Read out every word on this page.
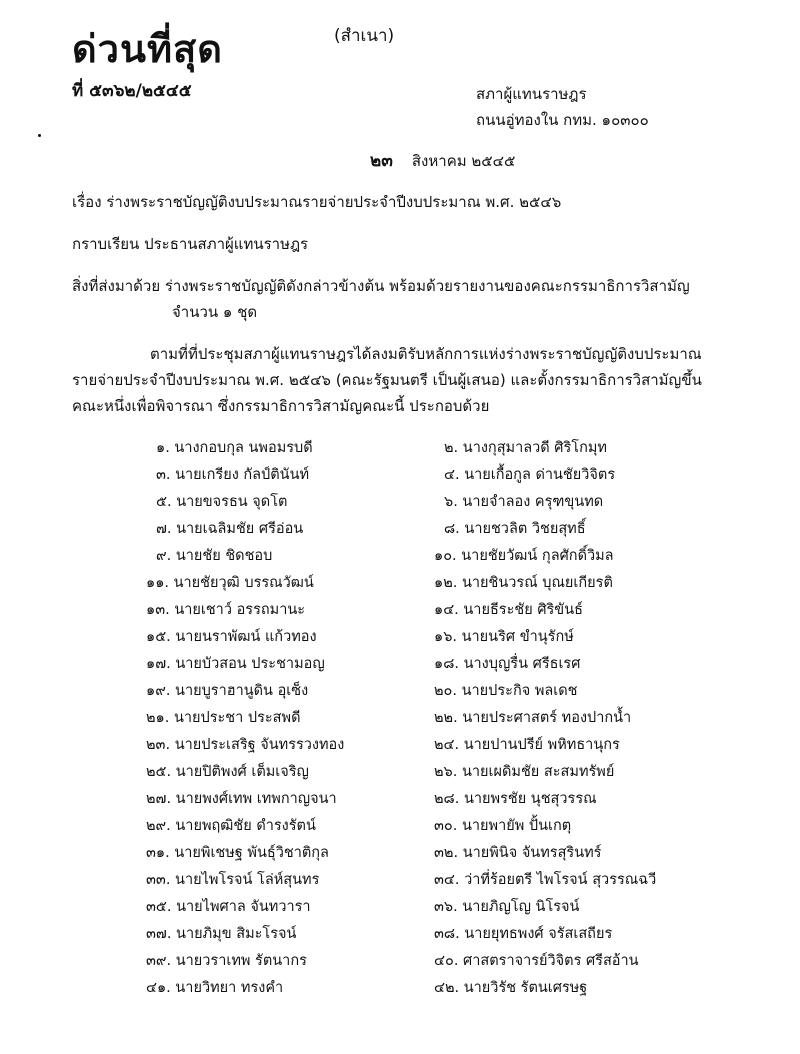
ด่วนที่สุด	(สำเนา)
ที่ ๕๓๖๒/๒๕๔๕	สภาผู้แทนราษฎร
ถนนอู่ทองใน กทม. ๑๐๓๐๐
๒๓ สิงหาคม ๒๕๔๕
เรื่อง ร่างพระราชบัญญัติงบประมาณรายจ่ายประจำปีงบประมาณ พ.ศ. ๒๕๔๖
กราบเรียน ประธานสภาผู้แทนราษฎร
สิ่งที่ส่งมาด้วย ร่างพระราชบัญญัติดังกล่าวข้างต้น พร้อมด้วยรายงานของคณะกรรมาธิการวิสามัญ
จำนวน ๑ ชุด
ตามที่ที่ประชุมสภาผู้แทนราษฎรได้ลงมติรับหลักการแห่งร่างพระราชบัญญัติงบประมาณ
รายจ่ายประจำปีงบประมาณ พ.ศ. ๒๕๔๖ (คณะรัฐมนตรี เป็นผู้เสนอ) และตั้งกรรมาธิการวิสามัญขึ้น
คณะหนึ่งเพื่อพิจารณา ซึ่งกรรมาธิการวิสามัญคณะนี้ ประกอบด้วย
๑. นางกอบกุล นพอมรบดี
๓. นายเกรียง กัลป์ตินันท์
๕. นายขจรธน จุดโต
๗. นายเฉลิมชัย ศรีอ่อน
๙. นายชัย ชิดชอบ
๑๑. นายชัยวุฒิ บรรณวัฒน์
๑๓. นายเชาว์ อรรถมานะ
๑๕. นายนราพัฒน์ แก้วทอง
๑๗. นายบัวสอน ประชามอญ
๑๙. นายบูราฮานูดิน อุเซ็ง
๒๑. นายประชา ประสพดี
๒๓. นายประเสริฐ จันทรรวงทอง
๒๕. นายปิติพงศ์ เต็มเจริญ
๒๗. นายพงศ์เทพ เทพกาญจนา
๒๙. นายพฤฒิชัย ดำรงรัตน์
๓๑. นายพิเชษฐ พันธุ์วิชาติกุล
๓๓. นายไพโรจน์ โล่ห์สุนทร
๓๕. นายไพศาล จันทวารา
๓๗. นายภิมุข สิมะโรจน์
๓๙. นายวราเทพ รัตนากร
๔๑. นายวิทยา ทรงคำ
๒. นางกุสุมาลวดี ศิริโกมุท
๔. นายเกื้อกูล ด่านชัยวิจิตร
๖. นายจำลอง ครุฑขุนทด
๘. นายชวลิต วิชยสุทธิ์
๑๐. นายชัยวัฒน์ กุลศักดิ์วิมล
๑๒. นายชินวรณ์ บุณยเกียรติ
๑๔. นายธีระชัย ศิริขันธ์
๑๖. นายนริศ ขำนุรักษ์
๑๘. นางบุญรื่น ศรีธเรศ
๒๐. นายประกิจ พลเดช
๒๒. นายประศาสตร์ ทองปากน้ำ
๒๔. นายปานปรีย์ พหิทธานุกร
๒๖. นายเผดิมชัย สะสมทรัพย์
๒๘. นายพรชัย นุชสุวรรณ
๓๐. นายพายัพ ปั้นเกตุ
๓๒. นายพินิจ จันทรสุรินทร์
๓๔. ว่าที่ร้อยตรี ไพโรจน์ สุวรรณฉวี
๓๖. นายภิญโญ นิโรจน์
๓๘. นายยุทธพงศ์ จรัสเสถียร
๔๐. ศาสตราจารย์วิจิตร ศรีสอ้าน
๔๒. นายวิรัช รัตนเศรษฐ
